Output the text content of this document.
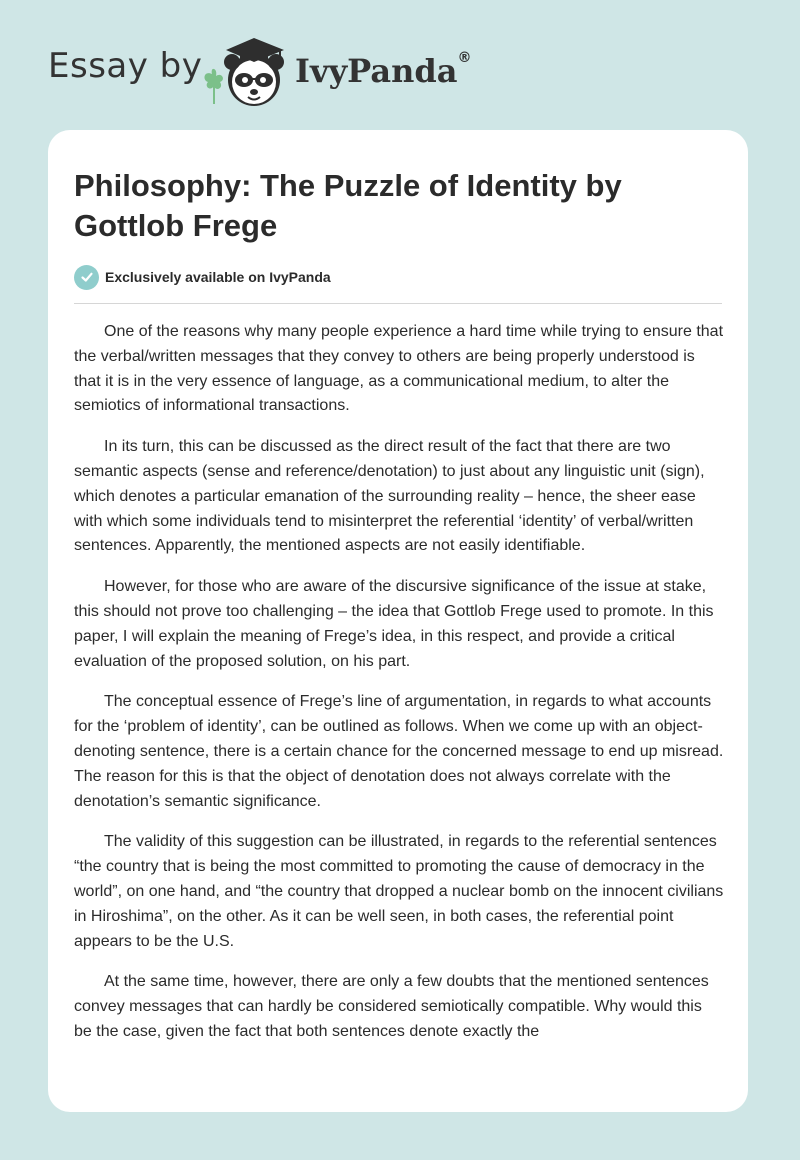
Essay by	IvyPanda®
Philosophy: The Puzzle of Identity by Gottlob Frege
Exclusively available on IvyPanda

One of the reasons why many people experience a hard time while trying to ensure that the verbal/written messages that they convey to others are being properly understood is that it is in the very essence of language, as a communicational medium, to alter the semiotics of informational transactions.

In its turn, this can be discussed as the direct result of the fact that there are two semantic aspects (sense and reference/denotation) to just about any linguistic unit (sign), which denotes a particular emanation of the surrounding reality – hence, the sheer ease with which some individuals tend to misinterpret the referential ‘identity’ of verbal/written sentences. Apparently, the mentioned aspects are not easily identifiable.

However, for those who are aware of the discursive significance of the issue at stake, this should not prove too challenging – the idea that Gottlob Frege used to promote. In this paper, I will explain the meaning of Frege’s idea, in this respect, and provide a critical evaluation of the proposed solution, on his part.

The conceptual essence of Frege’s line of argumentation, in regards to what accounts for the ‘problem of identity’, can be outlined as follows. When we come up with an object-denoting sentence, there is a certain chance for the concerned message to end up misread. The reason for this is that the object of denotation does not always correlate with the denotation’s semantic significance.

The validity of this suggestion can be illustrated, in regards to the referential sentences “the country that is being the most committed to promoting the cause of democracy in the world”, on one hand, and “the country that dropped a nuclear bomb on the innocent civilians in Hiroshima”, on the other. As it can be well seen, in both cases, the referential point appears to be the U.S.

At the same time, however, there are only a few doubts that the mentioned sentences convey messages that can hardly be considered semiotically compatible. Why would this be the case, given the fact that both sentences denote exactly the
